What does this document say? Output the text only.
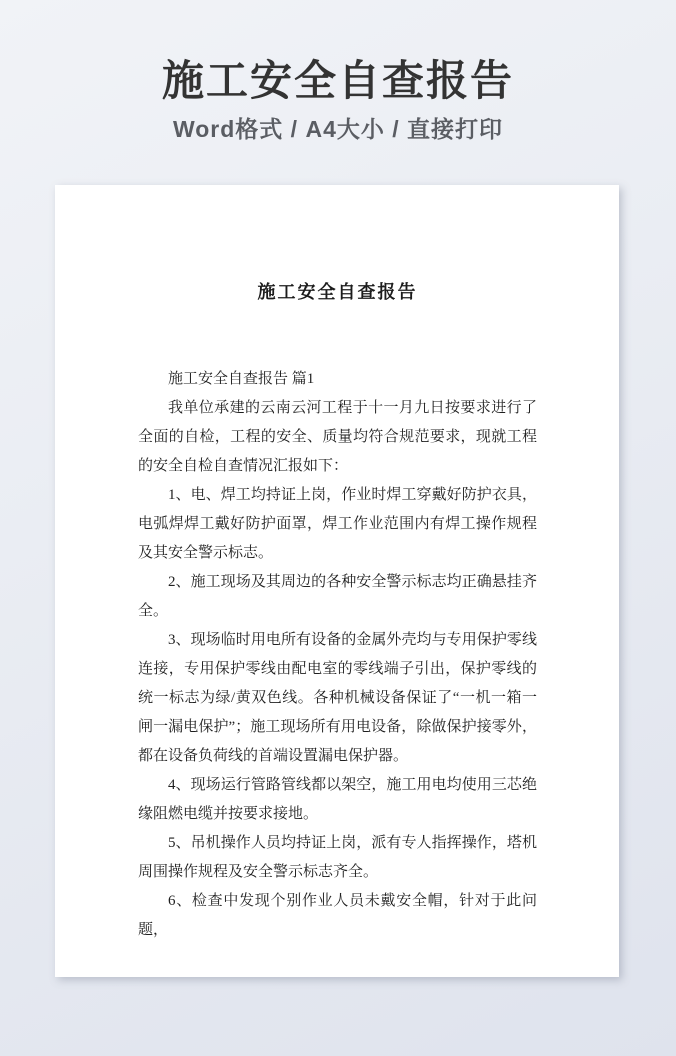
施工安全自查报告
Word格式 / A4大小 / 直接打印
施工安全自查报告

施工安全自查报告 篇1

我单位承建的云南云河工程于十一月九日按要求进行了全面的自检，工程的安全、质量均符合规范要求，现就工程的安全自检自查情况汇报如下：

1、电、焊工均持证上岗，作业时焊工穿戴好防护衣具，电弧焊焊工戴好防护面罩，焊工作业范围内有焊工操作规程及其安全警示标志。

2、施工现场及其周边的各种安全警示标志均正确悬挂齐全。

3、现场临时用电所有设备的金属外壳均与专用保护零线连接，专用保护零线由配电室的零线端子引出，保护零线的统一标志为绿/黄双色线。各种机械设备保证了“一机一箱一闸一漏电保护”；施工现场所有用电设备，除做保护接零外，都在设备负荷线的首端设置漏电保护器。

4、现场运行管路管线都以架空，施工用电均使用三芯绝缘阻燃电缆并按要求接地。

5、吊机操作人员均持证上岗，派有专人指挥操作，塔机周围操作规程及安全警示标志齐全。

6、检查中发现个别作业人员未戴安全帽，针对于此问题，
